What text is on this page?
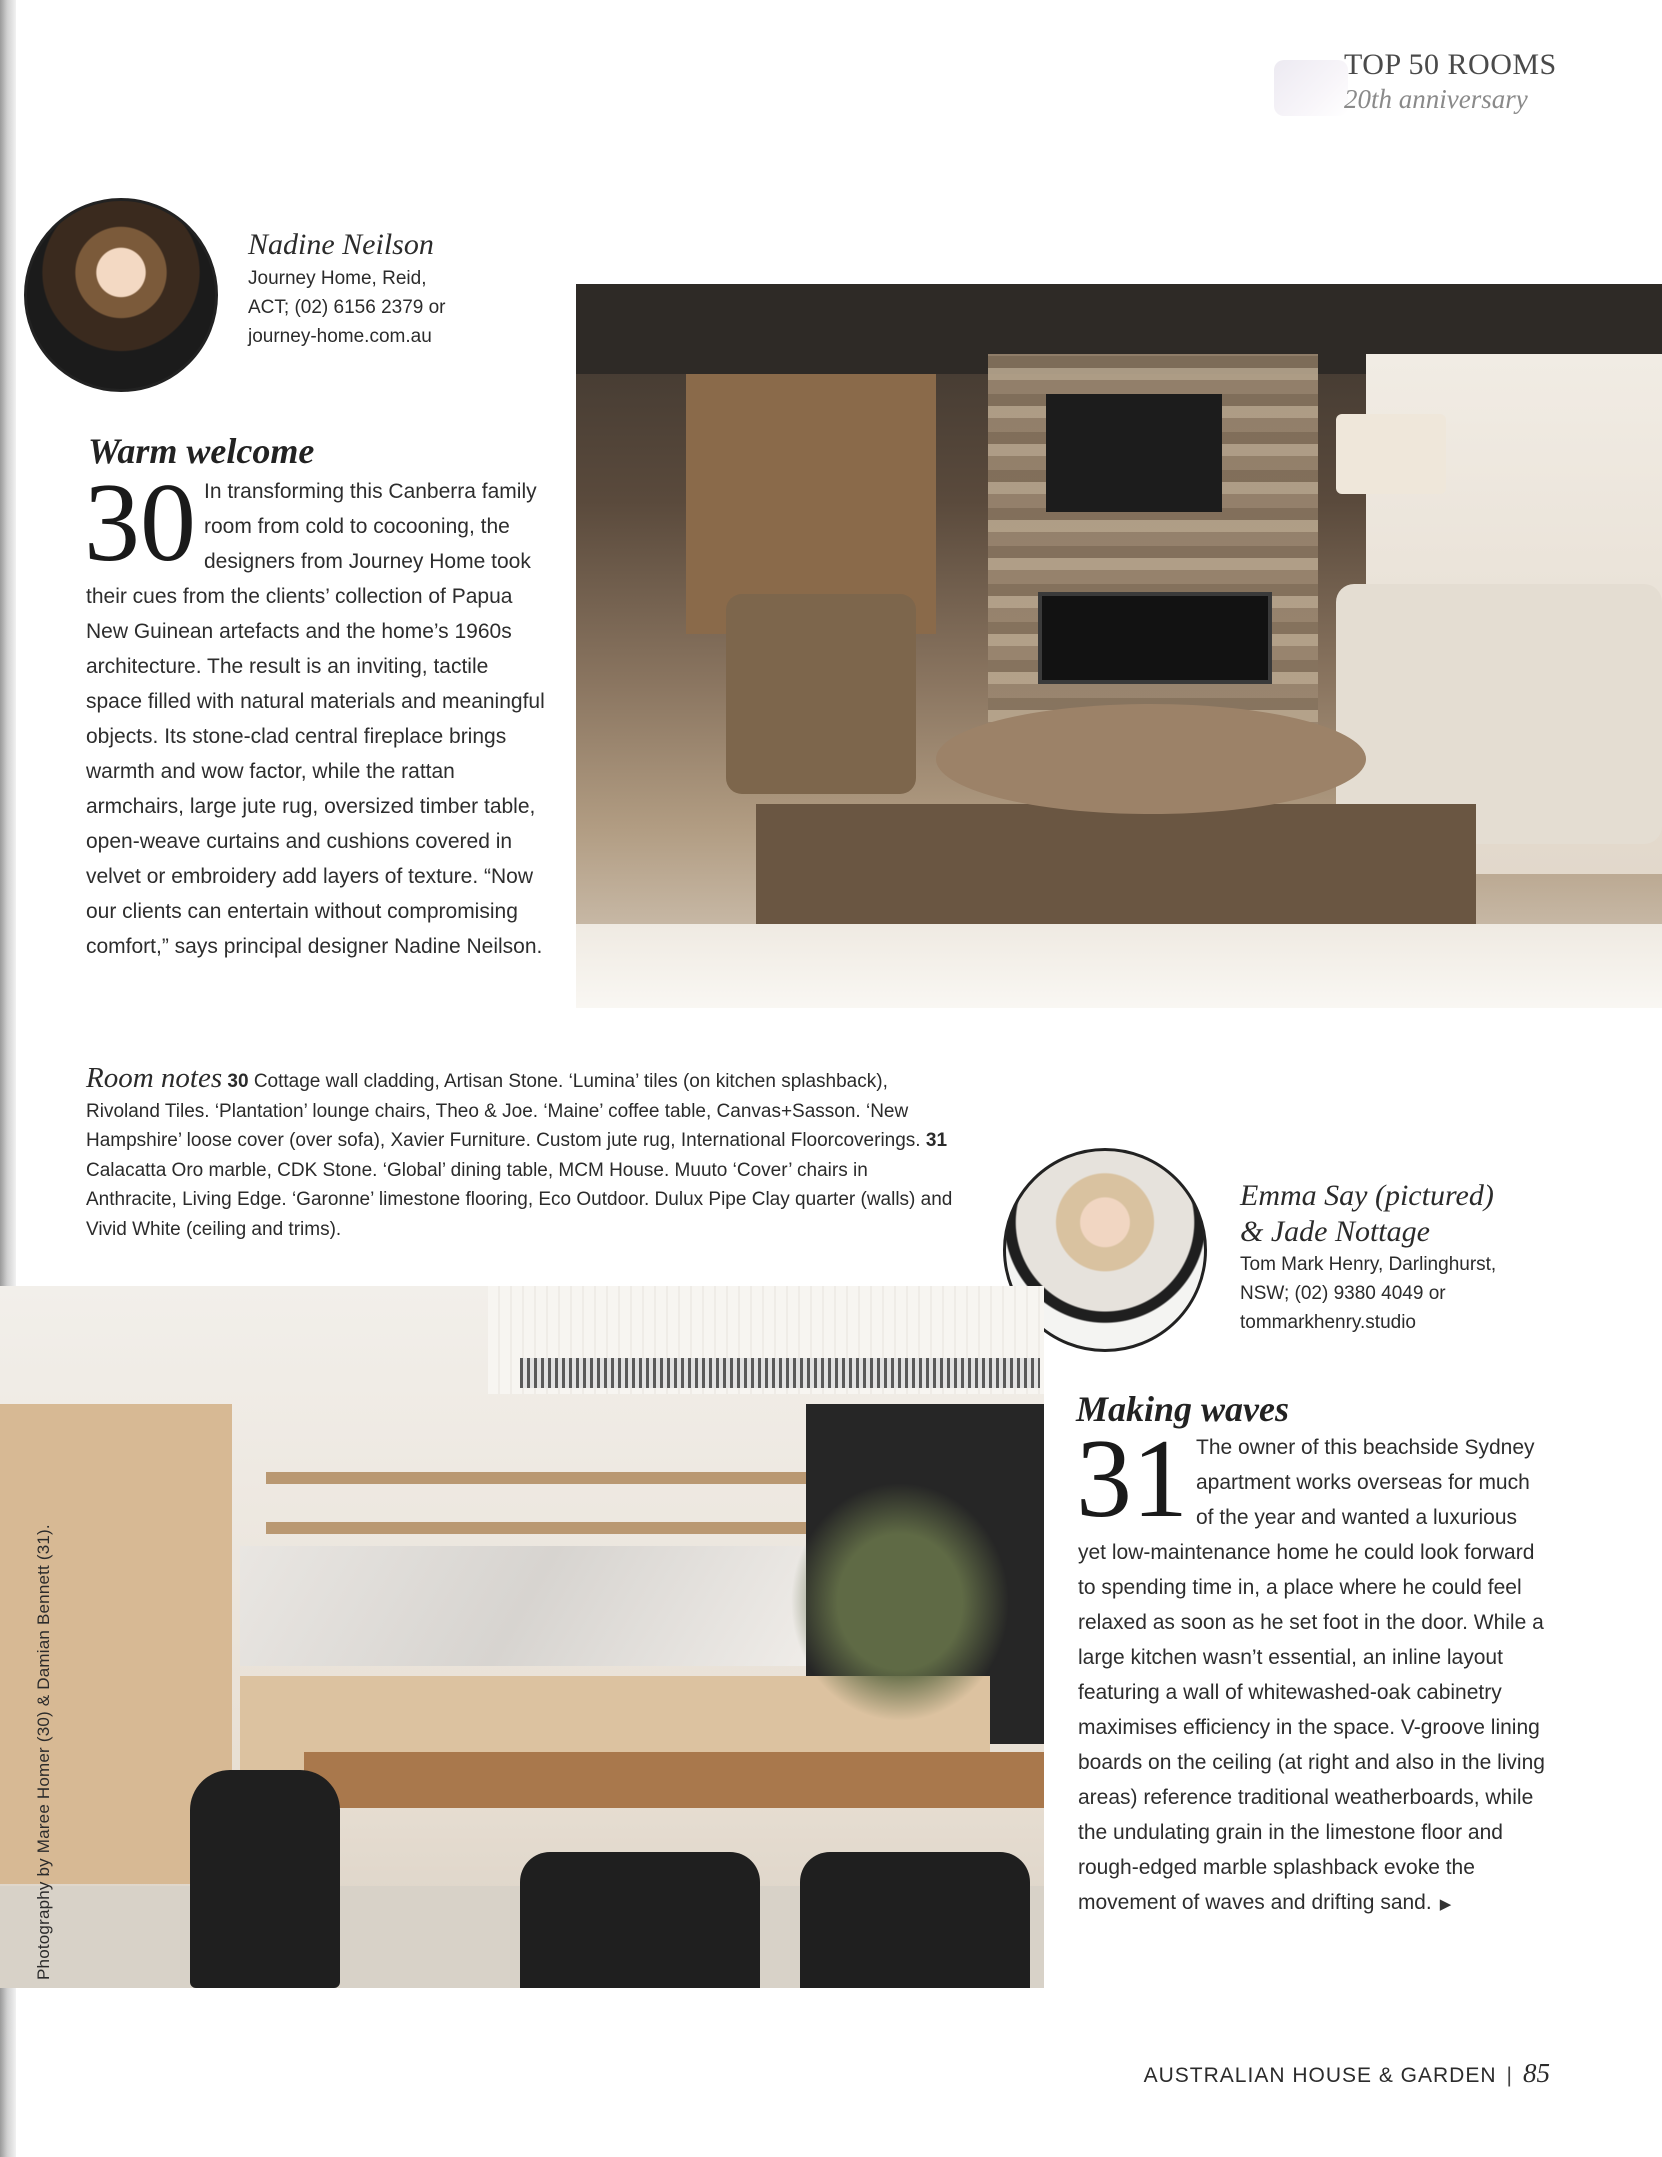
TOP 50 ROOMS
20th anniversary
Nadine Neilson
Journey Home, Reid,
ACT; (02) 6156 2379 or
journey-home.com.au
Warm welcome
30 In transforming this Canberra family room from cold to cocooning, the designers from Journey Home took their cues from the clients’ collection of Papua New Guinean artefacts and the home’s 1960s architecture. The result is an inviting, tactile space filled with natural materials and meaningful objects. Its stone-clad central fireplace brings warmth and wow factor, while the rattan armchairs, large jute rug, oversized timber table, open-weave curtains and cushions covered in velvet or embroidery add layers of texture. “Now our clients can entertain without compromising comfort,” says principal designer Nadine Neilson.
Room notes 30 Cottage wall cladding, Artisan Stone. ‘Lumina’ tiles (on kitchen splashback), Rivoland Tiles. ‘Plantation’ lounge chairs, Theo & Joe. ‘Maine’ coffee table, Canvas+Sasson. ‘New Hampshire’ loose cover (over sofa), Xavier Furniture. Custom jute rug, International Floorcoverings. 31 Calacatta Oro marble, CDK Stone. ‘Global’ dining table, MCM House. Muuto ‘Cover’ chairs in Anthracite, Living Edge. ‘Garonne’ limestone flooring, Eco Outdoor. Dulux Pipe Clay quarter (walls) and Vivid White (ceiling and trims).
Emma Say (pictured)
& Jade Nottage
Tom Mark Henry, Darlinghurst,
NSW; (02) 9380 4049 or
tommarkhenry.studio
Photography by Maree Homer (30) & Damian Bennett (31).
Making waves
31 The owner of this beachside Sydney apartment works overseas for much of the year and wanted a luxurious yet low-maintenance home he could look forward to spending time in, a place where he could feel relaxed as soon as he set foot in the door. While a large kitchen wasn’t essential, an inline layout featuring a wall of whitewashed-oak cabinetry maximises efficiency in the space. V-groove lining boards on the ceiling (at right and also in the living areas) reference traditional weatherboards, while the undulating grain in the limestone floor and rough-edged marble splashback evoke the movement of waves and drifting sand. ▶
AUSTRALIAN HOUSE & GARDEN | 85
